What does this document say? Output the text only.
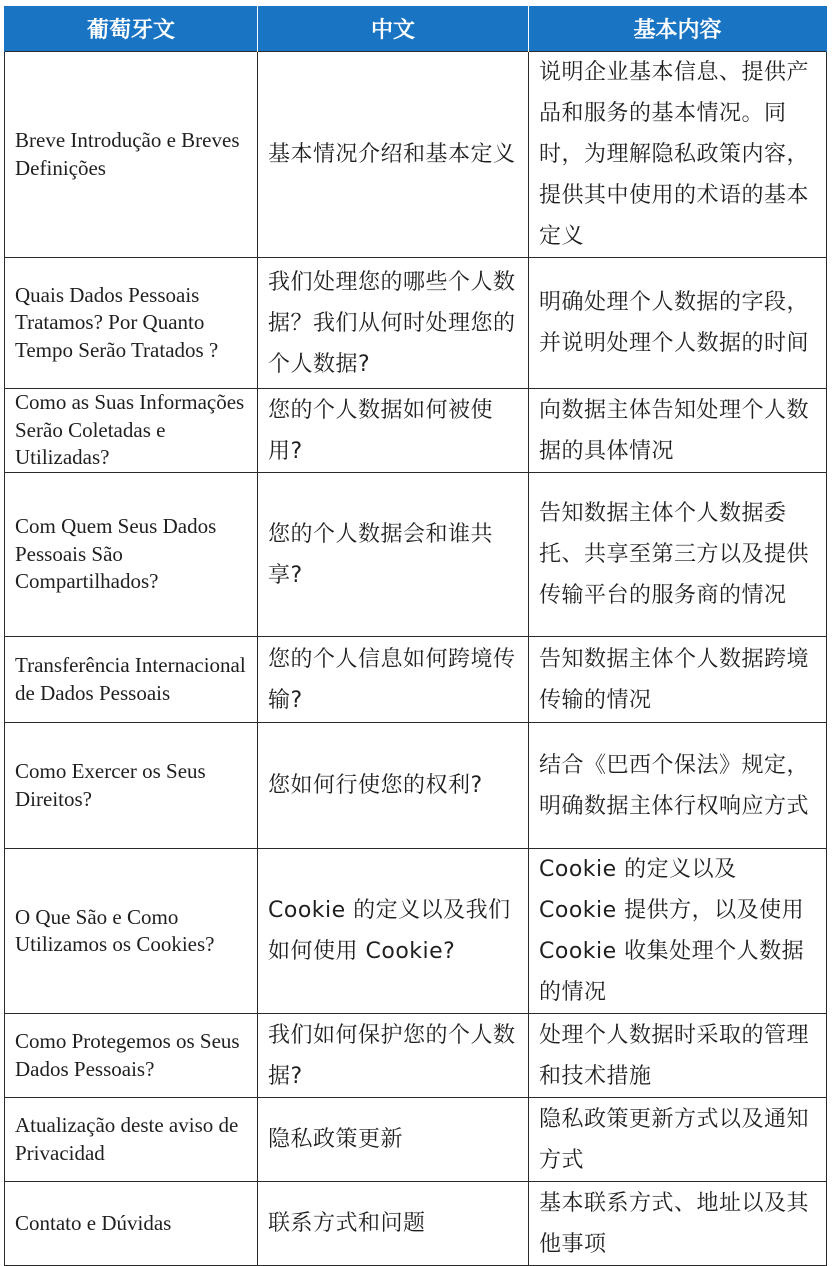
葡萄牙文	中文	基本内容
Breve Introdução e Breves Definições	基本情况介绍和基本定义	说明企业基本信息、提供产品和服务的基本情况。同时，为理解隐私政策内容，提供其中使用的术语的基本定义
Quais Dados Pessoais Tratamos? Por Quanto Tempo Serão Tratados ?	我们处理您的哪些个人数据？我们从何时处理您的个人数据?	明确处理个人数据的字段，并说明处理个人数据的时间
Como as Suas Informações Serão Coletadas e Utilizadas?	您的个人数据如何被使用?	向数据主体告知处理个人数据的具体情况
Com Quem Seus Dados Pessoais São Compartilhados?	您的个人数据会和谁共享?	告知数据主体个人数据委托、共享至第三方以及提供传输平台的服务商的情况
Transferência Internacional de Dados Pessoais	您的个人信息如何跨境传输?	告知数据主体个人数据跨境传输的情况
Como Exercer os Seus Direitos?	您如何行使您的权利?	结合《巴西个保法》规定，明确数据主体行权响应方式
O Que São e Como Utilizamos os Cookies?	Cookie 的定义以及我们如何使用 Cookie?	Cookie 的定义以及 Cookie 提供方，以及使用 Cookie 收集处理个人数据的情况
Como Protegemos os Seus Dados Pessoais?	我们如何保护您的个人数据?	处理个人数据时采取的管理和技术措施
Atualização deste aviso de Privacidad	隐私政策更新	隐私政策更新方式以及通知方式
Contato e Dúvidas	联系方式和问题	基本联系方式、地址以及其他事项
